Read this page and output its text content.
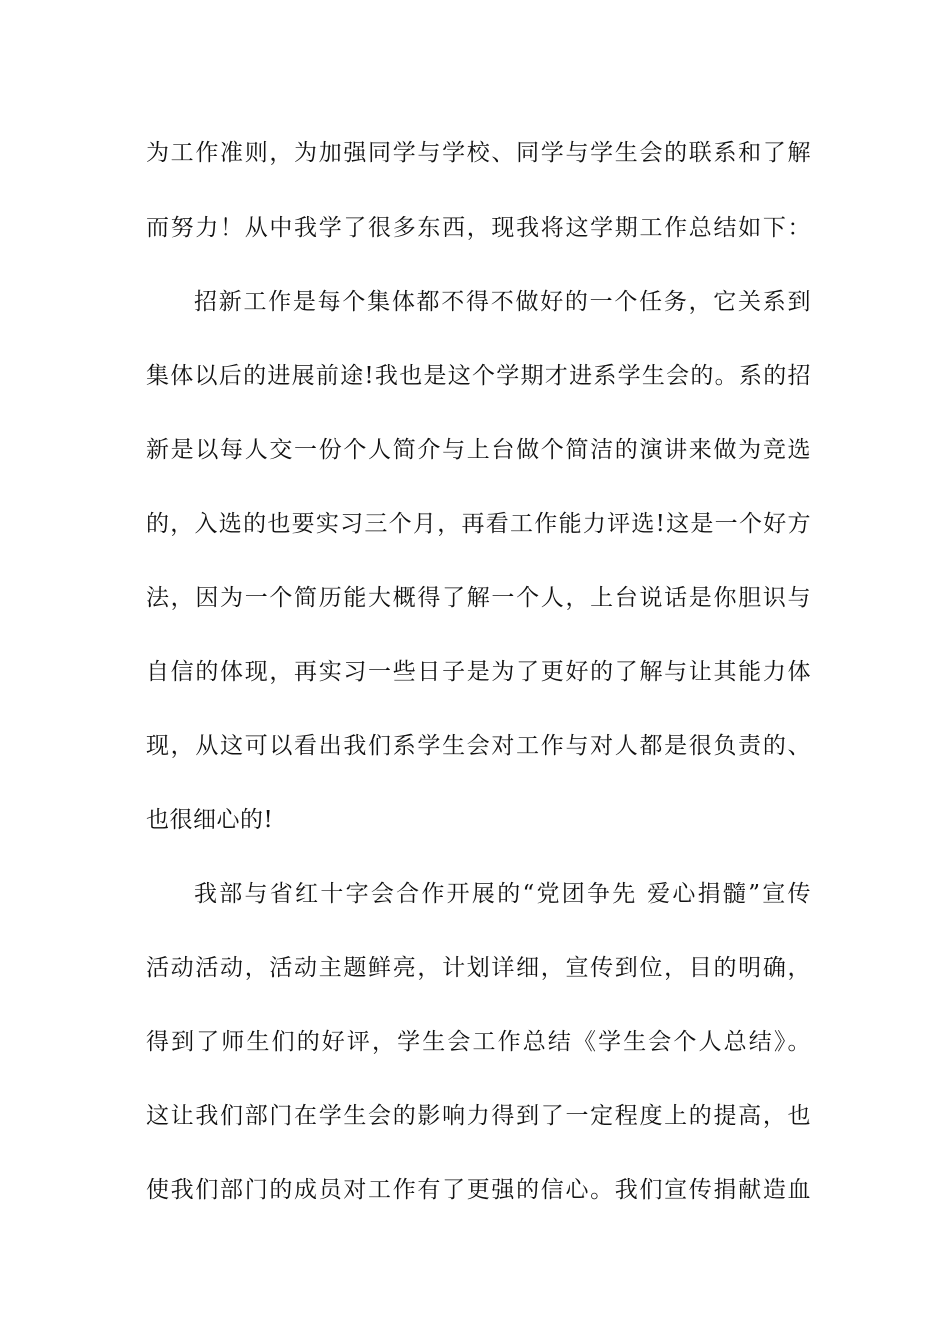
为工作准则，为加强同学与学校、同学与学生会的联系和了解
而努力！从中我学了很多东西，现我将这学期工作总结如下：
招新工作是每个集体都不得不做好的一个任务，它关系到
集体以后的进展前途!我也是这个学期才进系学生会的。系的招
新是以每人交一份个人简介与上台做个简洁的演讲来做为竞选
的，入选的也要实习三个月，再看工作能力评选!这是一个好方
法，因为一个简历能大概得了解一个人，上台说话是你胆识与
自信的体现，再实习一些日子是为了更好的了解与让其能力体
现，从这可以看出我们系学生会对工作与对人都是很负责的、
也很细心的!
我部与省红十字会合作开展的“党团争先 爱心捐髓”宣传
活动活动，活动主题鲜亮，计划详细，宣传到位，目的明确，
得到了师生们的好评，学生会工作总结《学生会个人总结》。
这让我们部门在学生会的影响力得到了一定程度上的提高，也
使我们部门的成员对工作有了更强的信心。我们宣传捐献造血
